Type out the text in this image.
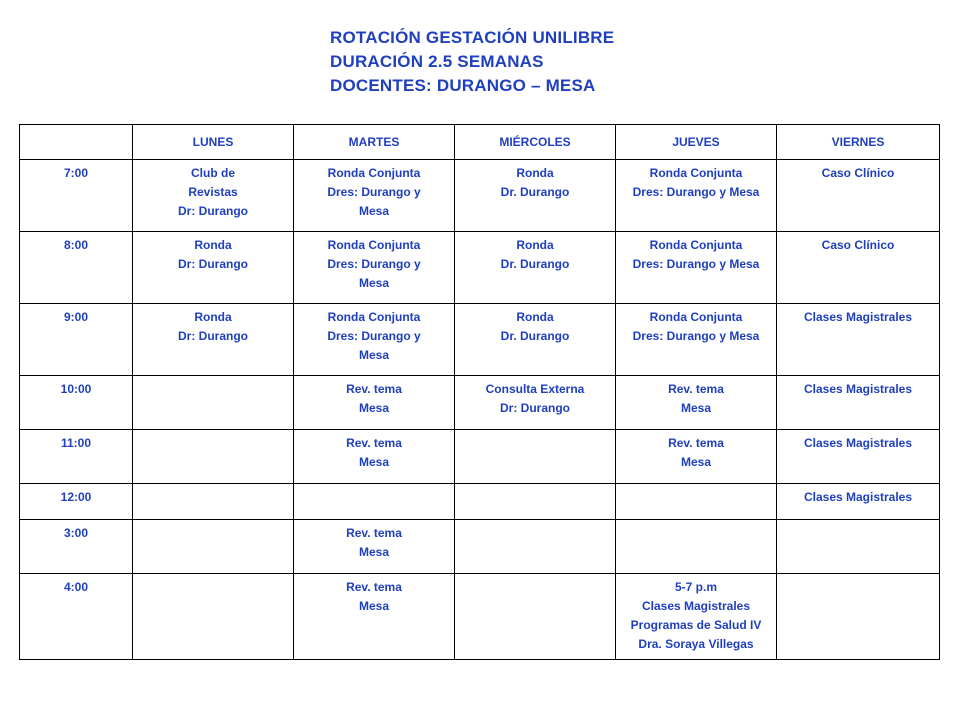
ROTACIÓN GESTACIÓN UNILIBRE
DURACIÓN 2.5 SEMANAS
DOCENTES: DURANGO – MESA
	LUNES	MARTES	MIÉRCOLES	JUEVES	VIERNES
7:00	Club de
Revistas
Dr: Durango	Ronda Conjunta
Dres: Durango y
Mesa	Ronda
Dr. Durango	Ronda Conjunta
Dres: Durango y Mesa	Caso Clínico

8:00	Ronda
Dr: Durango	Ronda Conjunta
Dres: Durango y
Mesa	Ronda
Dr. Durango	Ronda Conjunta
Dres: Durango y Mesa	Caso Clínico

9:00	Ronda
Dr: Durango	Ronda Conjunta
Dres: Durango y
Mesa	Ronda
Dr. Durango	Ronda Conjunta
Dres: Durango y Mesa	Clases Magistrales

10:00		Rev. tema
Mesa	Consulta Externa
Dr: Durango	Rev. tema
Mesa	Clases Magistrales

11:00		Rev. tema
Mesa		Rev. tema
Mesa	Clases Magistrales

12:00					Clases Magistrales

3:00		Rev. tema
Mesa			

4:00		Rev. tema
Mesa		5-7 p.m
Clases Magistrales
Programas de Salud IV
Dra. Soraya Villegas	
